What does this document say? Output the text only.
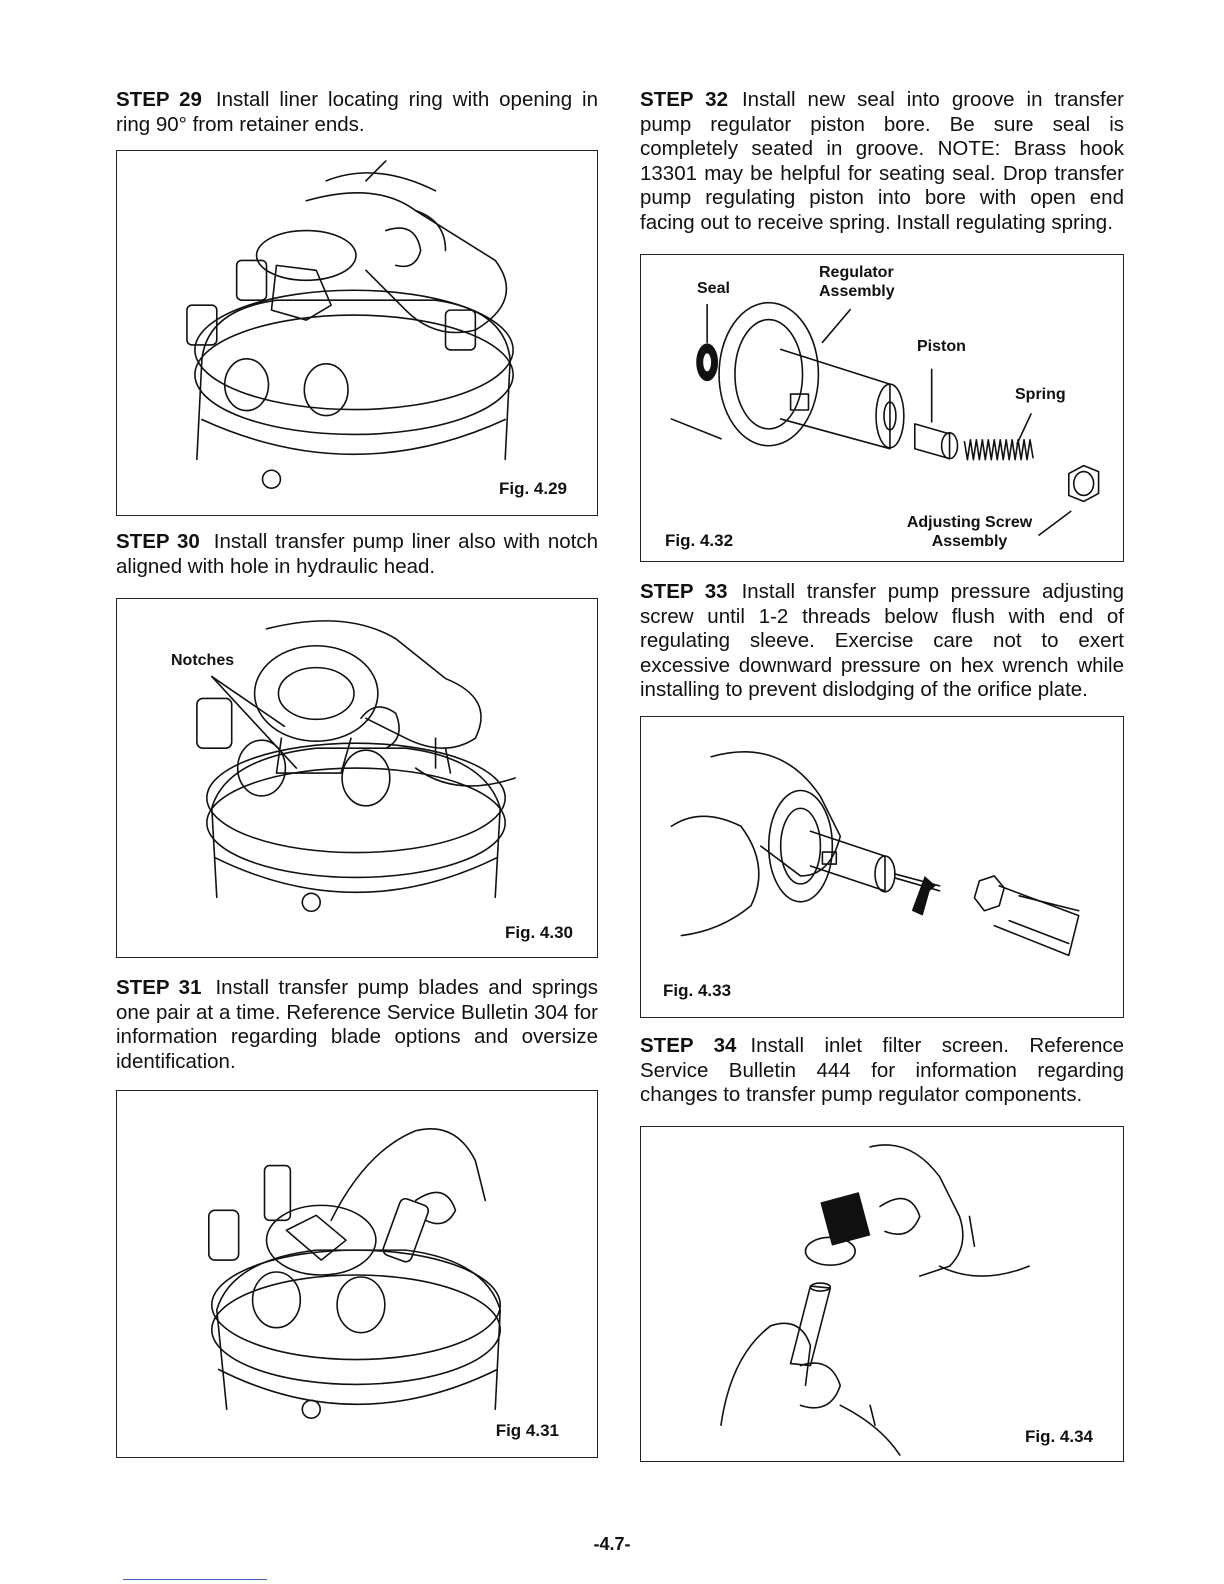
STEP 29 Install liner locating ring with opening in ring 90° from retainer ends.
Fig. 4.29
STEP 30 Install transfer pump liner also with notch aligned with hole in hydraulic head.
Notches
Fig. 4.30
STEP 31 Install transfer pump blades and springs one pair at a time. Reference Service Bulletin 304 for information regarding blade options and oversize identification.
Fig 4.31
STEP 32 Install new seal into groove in transfer pump regulator piston bore. Be sure seal is completely seated in groove. NOTE: Brass hook 13301 may be helpful for seating seal. Drop transfer pump regulating piston into bore with open end facing out to receive spring. Install regulating spring.
Seal
Regulator Assembly
Piston
Spring
Adjusting Screw Assembly
Fig. 4.32
STEP 33 Install transfer pump pressure adjusting screw until 1-2 threads below flush with end of regulating sleeve. Exercise care not to exert excessive downward pressure on hex wrench while installing to prevent dislodging of the orifice plate.
Fig. 4.33
STEP 34 Install inlet filter screen. Reference Service Bulletin 444 for information regarding changes to transfer pump regulator components.
Fig. 4.34
-4.7-
